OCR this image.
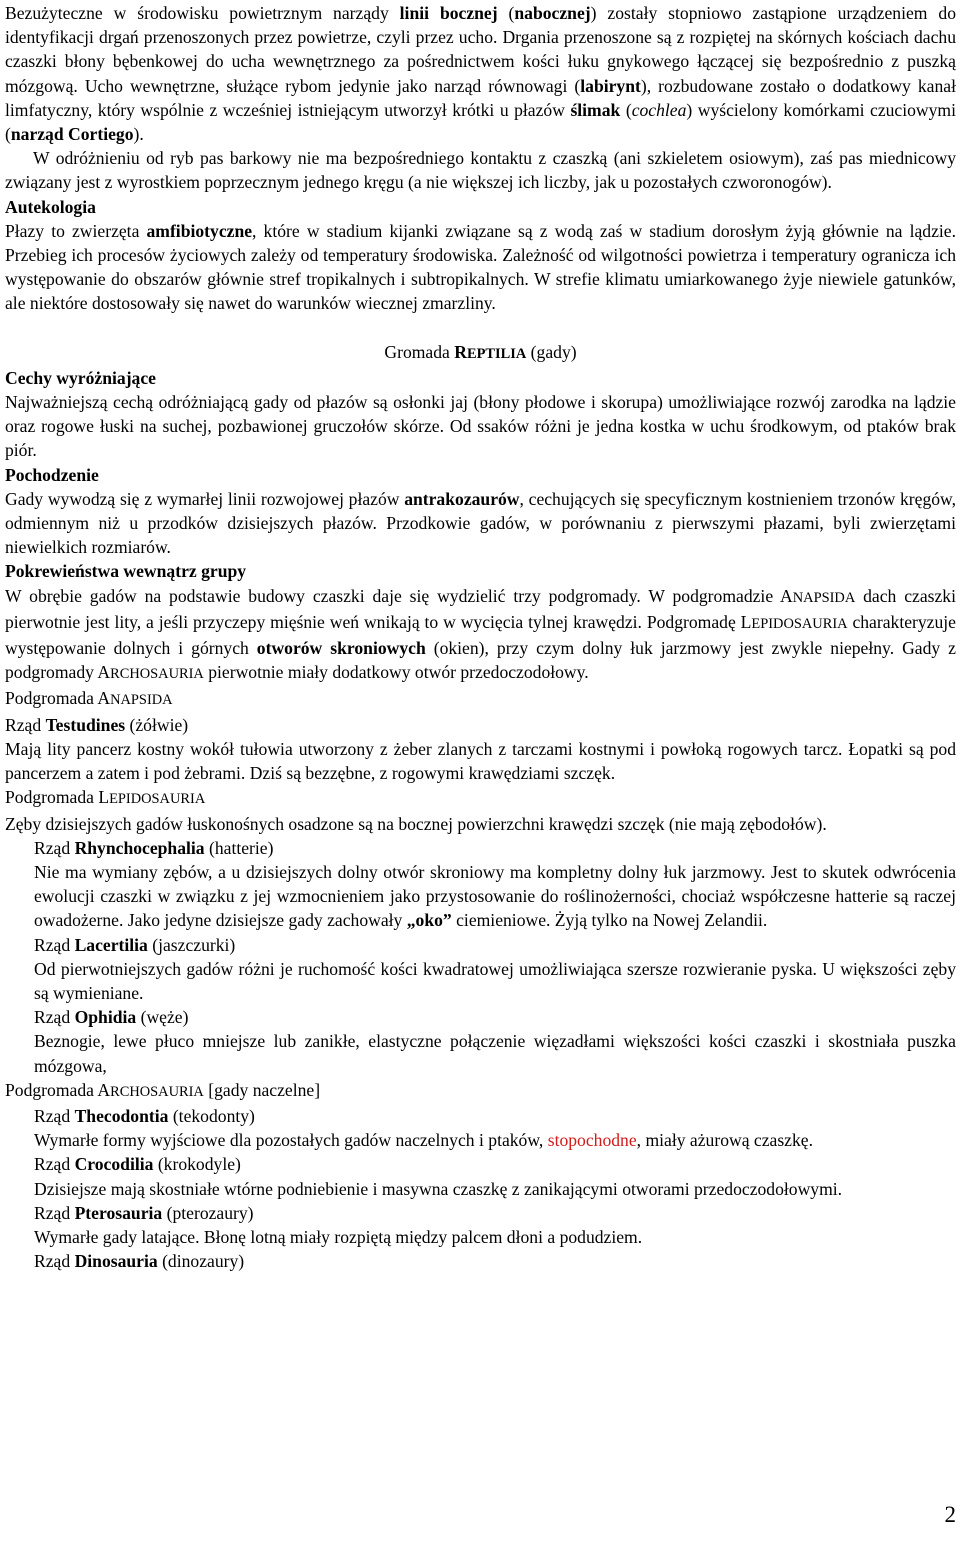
Bezużyteczne w środowisku powietrznym narządy linii bocznej (nabocznej) zostały stopniowo zastąpione urządzeniem do identyfikacji drgań przenoszonych przez powietrze, czyli przez ucho. Drgania przenoszone są z rozpiętej na skórnych kościach dachu czaszki błony bębenkowej do ucha wewnętrznego za pośrednictwem kości łuku gnykowego łączącej się bezpośrednio z puszką mózgową. Ucho wewnętrzne, służące rybom jedynie jako narząd równowagi (labirynt), rozbudowane zostało o dodatkowy kanał limfatyczny, który wspólnie z wcześniej istniejącym utworzył krótki u płazów ślimak (cochlea) wyścielony komórkami czuciowymi (narząd Cortiego).

W odróżnieniu od ryb pas barkowy nie ma bezpośredniego kontaktu z czaszką (ani szkieletem osiowym), zaś pas miednicowy związany jest z wyrostkiem poprzecznym jednego kręgu (a nie większej ich liczby, jak u pozostałych czworonogów).

Autekologia

Płazy to zwierzęta amfibiotyczne, które w stadium kijanki związane są z wodą zaś w stadium dorosłym żyją głównie na lądzie. Przebieg ich procesów życiowych zależy od temperatury środowiska. Zależność od wilgotności powietrza i temperatury ogranicza ich występowanie do obszarów głównie stref tropikalnych i subtropikalnych. W strefie klimatu umiarkowanego żyje niewiele gatunków, ale niektóre dostosowały się nawet do warunków wiecznej zmarzliny.

Gromada REPTILIA (gady)

Cechy wyróżniające

Najważniejszą cechą odróżniającą gady od płazów są osłonki jaj (błony płodowe i skorupa) umożliwiające rozwój zarodka na lądzie oraz rogowe łuski na suchej, pozbawionej gruczołów skórze. Od ssaków różni je jedna kostka w uchu środkowym, od ptaków brak piór.

Pochodzenie

Gady wywodzą się z wymarłej linii rozwojowej płazów antrakozaurów, cechujących się specyficznym kostnieniem trzonów kręgów, odmiennym niż u przodków dzisiejszych płazów. Przodkowie gadów, w porównaniu z pierwszymi płazami, byli zwierzętami niewielkich rozmiarów.

Pokrewieństwa wewnątrz grupy

W obrębie gadów na podstawie budowy czaszki daje się wydzielić trzy podgromady. W podgromadzie ANAPSIDA dach czaszki pierwotnie jest lity, a jeśli przyczepy mięśnie weń wnikają to w wycięcia tylnej krawędzi. Podgromadę LEPIDOSAURIA charakteryzuje występowanie dolnych i górnych otworów skroniowych (okien), przy czym dolny łuk jarzmowy jest zwykle niepełny. Gady z podgromady ARCHOSAURIA pierwotnie miały dodatkowy otwór przedoczodołowy.

Podgromada ANAPSIDA

Rząd Testudines (żółwie)

Mają lity pancerz kostny wokół tułowia utworzony z żeber zlanych z tarczami kostnymi i powłoką rogowych tarcz. Łopatki są pod pancerzem a zatem i pod żebrami. Dziś są bezzębne, z rogowymi krawędziami szczęk.

Podgromada LEPIDOSAURIA

Zęby dzisiejszych gadów łuskonośnych osadzone są na bocznej powierzchni krawędzi szczęk (nie mają zębodołów).

Rząd Rhynchocephalia (hatterie)

Nie ma wymiany zębów, a u dzisiejszych dolny otwór skroniowy ma kompletny dolny łuk jarzmowy. Jest to skutek odwrócenia ewolucji czaszki w związku z jej wzmocnieniem jako przystosowanie do roślinożerności, chociaż współczesne hatterie są raczej owadożerne. Jako jedyne dzisiejsze gady zachowały „oko” ciemieniowe. Żyją tylko na Nowej Zelandii.

Rząd Lacertilia (jaszczurki)

Od pierwotniejszych gadów różni je ruchomość kości kwadratowej umożliwiająca szersze rozwieranie pyska. U większości zęby są wymieniane.

Rząd Ophidia (węże)

Beznogie, lewe płuco mniejsze lub zanikłe, elastyczne połączenie więzadłami większości kości czaszki i skostniała puszka mózgowa,

Podgromada ARCHOSAURIA [gady naczelne]

Rząd Thecodontia (tekodonty)

Wymarłe formy wyjściowe dla pozostałych gadów naczelnych i ptaków, stopochodne, miały ażurową czaszkę.

Rząd Crocodilia (krokodyle)

Dzisiejsze mają skostniałe wtórne podniebienie i masywna czaszkę z zanikającymi otworami przedoczodołowymi.

Rząd Pterosauria (pterozaury)

Wymarłe gady latające. Błonę lotną miały rozpiętą między palcem dłoni a podudziem.

Rząd Dinosauria (dinozaury)

2
